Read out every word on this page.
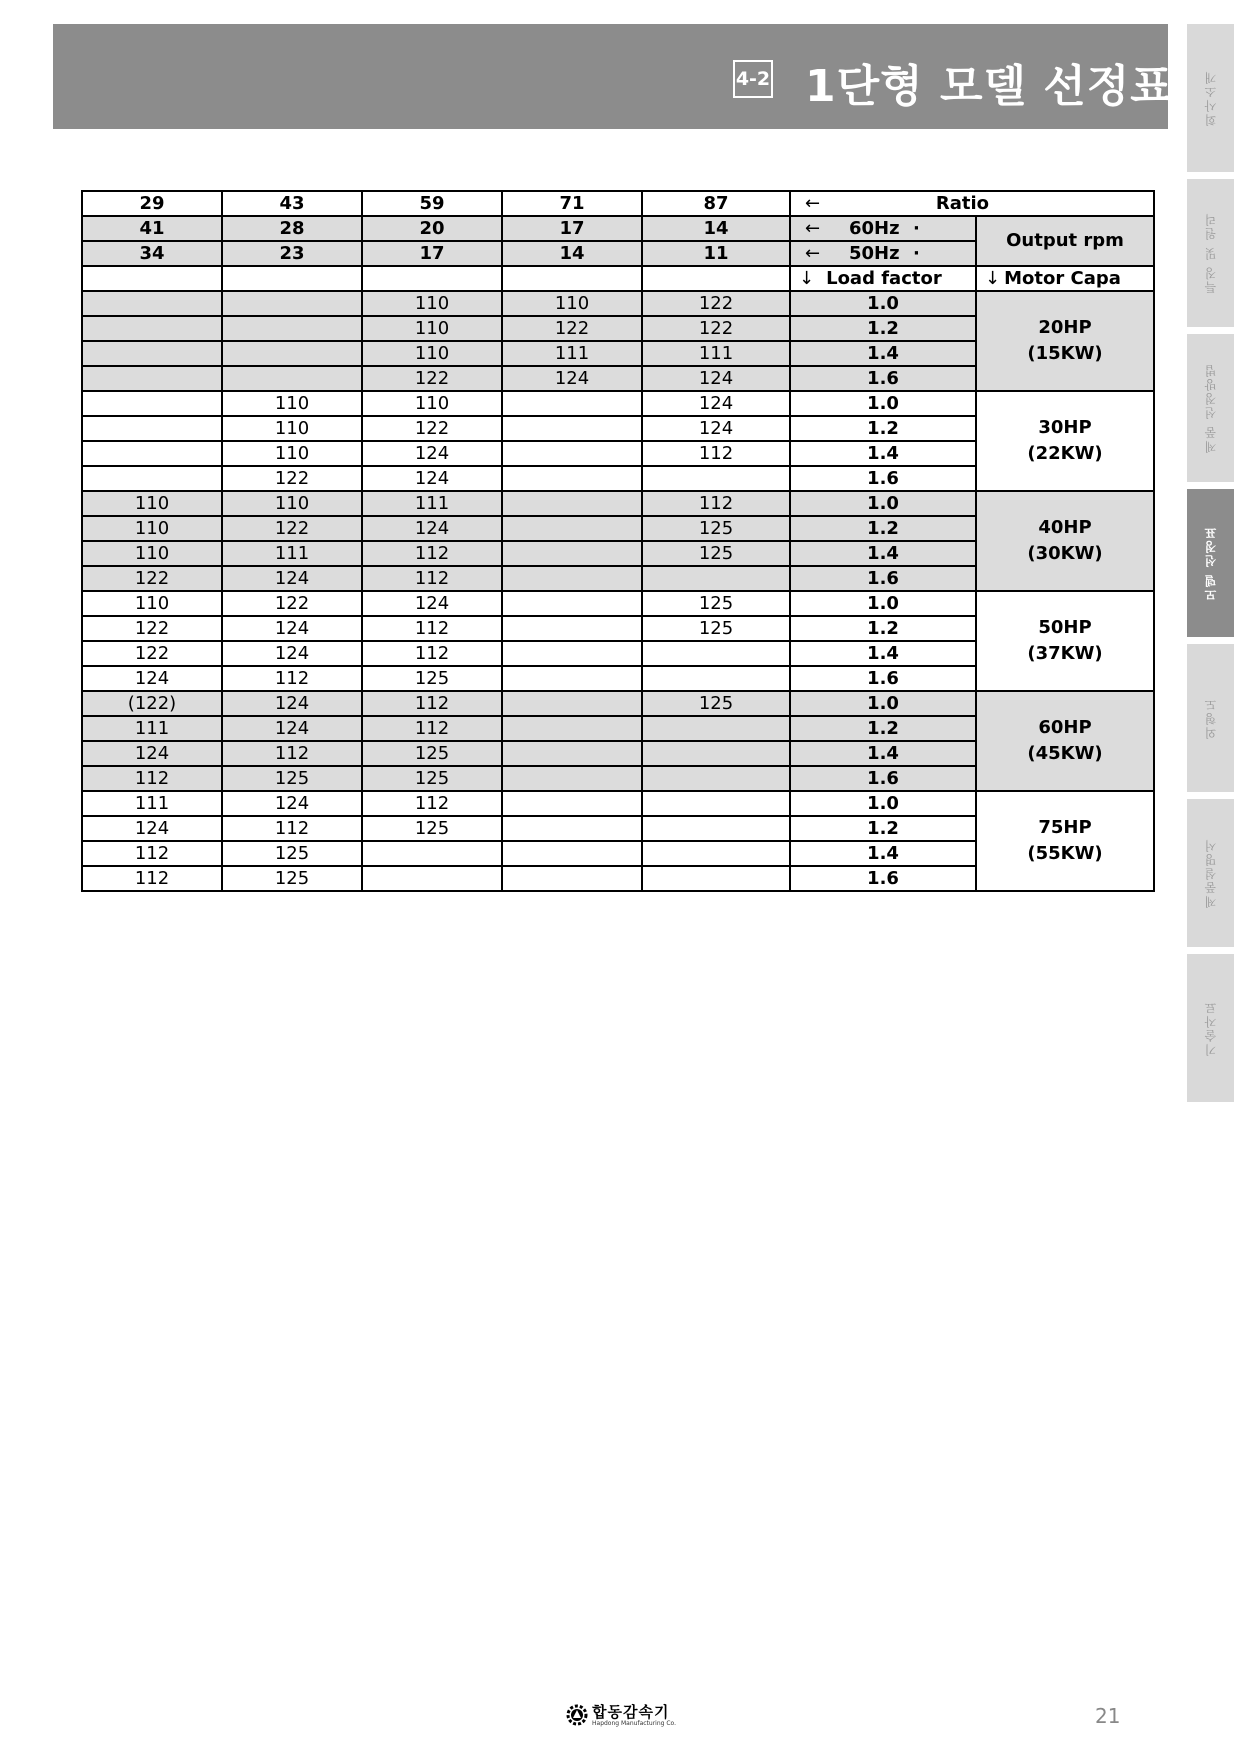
4-2 1단형 모델 선정표	회사소개
특징 및 원리
제품 선정방법
모델 선정표
외형도
제품설명서
기술자료
29	43	59	71	87	← Ratio	
41	28	20	17	14	← 60Hz ·	Output rpm
34	23	17	14	11	← 50Hz ·	
					↓ Load factor	↓ Motor Capa
		110	110	122	1.0	20HP
(15KW)

		110	122	122	1.2	
		110	111	111	1.4	
		122	124	124	1.6	
	110	110		124	1.0	30HP
(22KW)

	110	122		124	1.2	
	110	124		112	1.4	
	122	124			1.6	
110	110	111		112	1.0	40HP
(30KW)

110	122	124		125	1.2	
110	111	112		125	1.4	
122	124	112			1.6	
110	122	124		125	1.0	50HP
(37KW)

122	124	112		125	1.2	
122	124	112			1.4	
124	112	125			1.6	
(122)	124	112		125	1.0	60HP
(45KW)

111	124	112			1.2	
124	112	125			1.4	
112	125	125			1.6	
111	124	112			1.0	75HP
(55KW)

124	112	125			1.2	
112	125				1.4	
112	125				1.6	
합동감속기
Hapdong Manufacturing Co.	21
